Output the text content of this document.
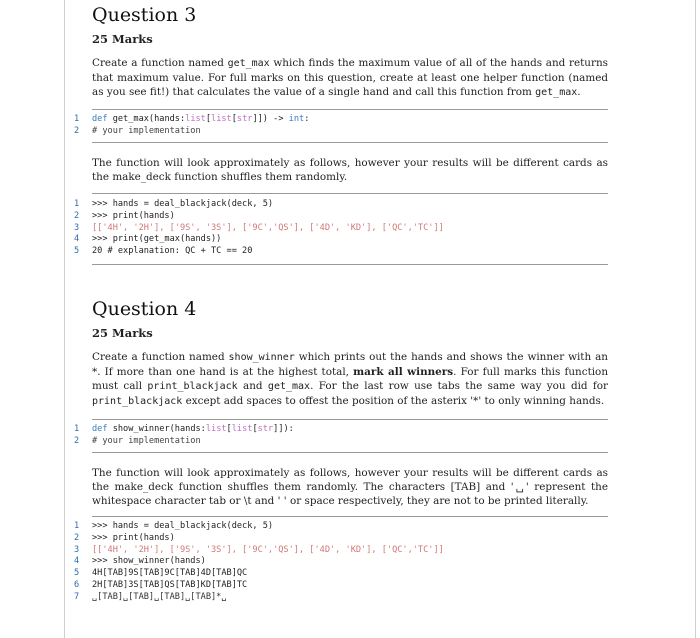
Question 3
25 Marks
Create a function named get_max which finds the maximum value of all of the hands and returns that maximum value. For full marks on this question, create at least one helper function (named as you see fit!) that calculates the value of a single hand and call this function from get_max.
1 def get_max(hands:list[list[str]]) -> int:
2 # your implementation
The function will look approximately as follows, however your results will be different cards as the make_deck function shuffles them randomly.
1 >>> hands = deal_blackjack(deck, 5)
2 >>> print(hands)
3 [['4H', '2H'], ['9S', '3S'], ['9C','QS'], ['4D', 'KD'], ['QC','TC']]
4 >>> print(get_max(hands))
5 20 # explanation: QC + TC == 20
Question 4
25 Marks
Create a function named show_winner which prints out the hands and shows the winner with an *. If more than one hand is at the highest total, mark all winners. For full marks this function must call print_blackjack and get_max. For the last row use tabs the same way you did for print_blackjack except add spaces to offest the position of the asterix '*' to only winning hands.
1 def show_winner(hands:list[list[str]]):
2 # your implementation
The function will look approximately as follows, however your results will be different cards as the make_deck function shuffles them randomly. The characters [TAB] and '␣' represent the whitespace character tab or \t and ' ' or space respectively, they are not to be printed literally.
1 >>> hands = deal_blackjack(deck, 5)
2 >>> print(hands)
3 [['4H', '2H'], ['9S', '3S'], ['9C','QS'], ['4D', 'KD'], ['QC','TC']]
4 >>> show_winner(hands)
5 4H[TAB]9S[TAB]9C[TAB]4D[TAB]QC
6 2H[TAB]3S[TAB]QS[TAB]KD[TAB]TC
7 ␣[TAB]␣[TAB]␣[TAB]␣[TAB]*␣
